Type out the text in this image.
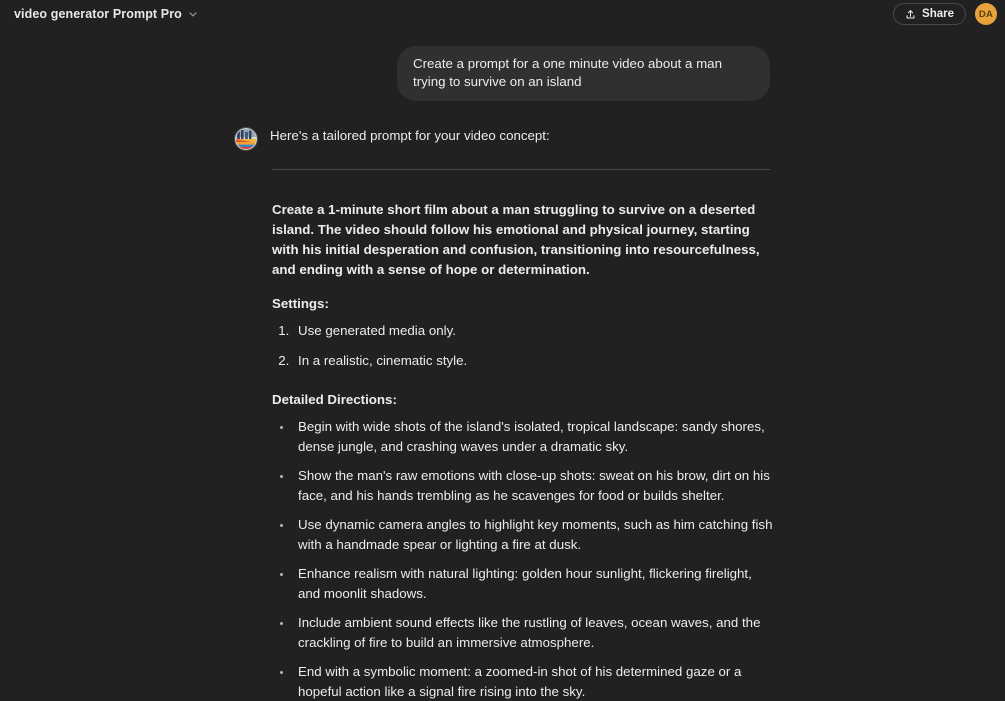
video generator Prompt Pro	Share	DA
Create a prompt for a one minute video about a man trying to survive on an island
Here's a tailored prompt for your video concept:

Create a 1-minute short film about a man struggling to survive on a deserted island. The video should follow his emotional and physical journey, starting with his initial desperation and confusion, transitioning into resourcefulness, and ending with a sense of hope or determination.

Settings:
1. Use generated media only.
2. In a realistic, cinematic style.
Detailed Directions:
• Begin with wide shots of the island's isolated, tropical landscape: sandy shores, dense jungle, and crashing waves under a dramatic sky.
• Show the man's raw emotions with close-up shots: sweat on his brow, dirt on his face, and his hands trembling as he scavenges for food or builds shelter.
• Use dynamic camera angles to highlight key moments, such as him catching fish with a handmade spear or lighting a fire at dusk.
• Enhance realism with natural lighting: golden hour sunlight, flickering firelight, and moonlit shadows.
• Include ambient sound effects like the rustling of leaves, ocean waves, and the crackling of fire to build an immersive atmosphere.
• End with a symbolic moment: a zoomed-in shot of his determined gaze or a hopeful action like a signal fire rising into the sky.
